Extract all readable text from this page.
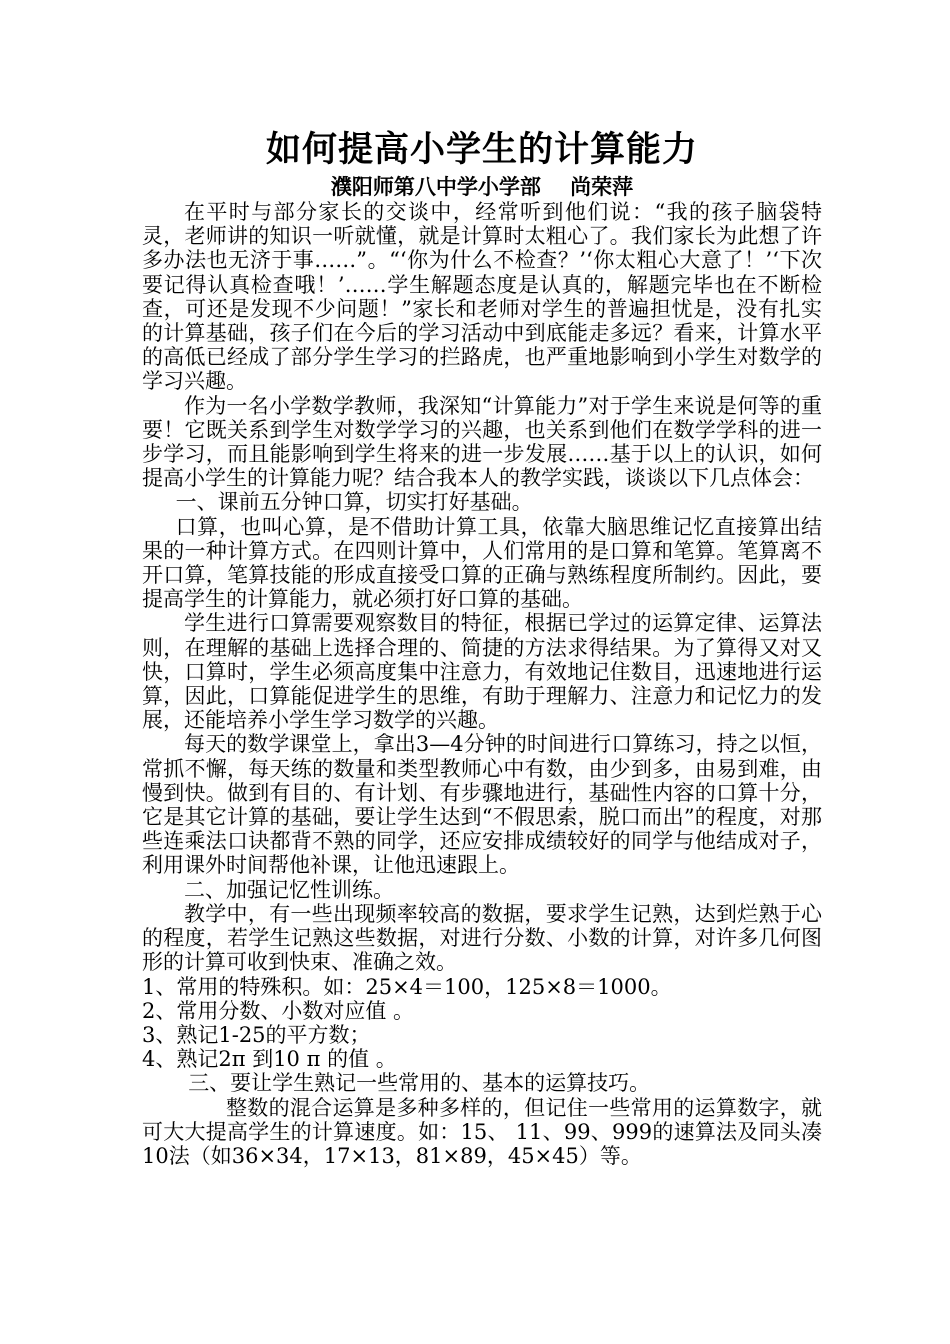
如何提高小学生的计算能力
濮阳师第八中学小学部    尚荣萍

在平时与部分家长的交谈中，经常听到他们说：“我的孩子脑袋特灵，老师讲的知识一听就懂，就是计算时太粗心了。我们家长为此想了许多办法也无济于事……”。“‘你为什么不检查？’‘你太粗心大意了！’‘下次要记得认真检查哦！’……学生解题态度是认真的，解题完毕也在不断检查，可还是发现不少问题！”家长和老师对学生的普遍担忧是，没有扎实的计算基础，孩子们在今后的学习活动中到底能走多远？看来，计算水平的高低已经成了部分学生学习的拦路虎，也严重地影响到小学生对数学的学习兴趣。

作为一名小学数学教师，我深知“计算能力”对于学生来说是何等的重要！它既关系到学生对数学学习的兴趣，也关系到他们在数学学科的进一步学习，而且能影响到学生将来的进一步发展……基于以上的认识，如何提高小学生的计算能力呢？结合我本人的教学实践，谈谈以下几点体会：

一、课前五分钟口算，切实打好基础。

口算，也叫心算，是不借助计算工具，依靠大脑思维记忆直接算出结果的一种计算方式。在四则计算中，人们常用的是口算和笔算。笔算离不开口算，笔算技能的形成直接受口算的正确与熟练程度所制约。因此，要提高学生的计算能力，就必须打好口算的基础。

学生进行口算需要观察数目的特征，根据已学过的运算定律、运算法则，在理解的基础上选择合理的、简捷的方法求得结果。为了算得又对又快，口算时，学生必须高度集中注意力，有效地记住数目，迅速地进行运算，因此，口算能促进学生的思维，有助于理解力、注意力和记忆力的发展，还能培养小学生学习数学的兴趣。

每天的数学课堂上，拿出3—4分钟的时间进行口算练习，持之以恒，常抓不懈，每天练的数量和类型教师心中有数，由少到多，由易到难，由慢到快。做到有目的、有计划、有步骤地进行，基础性内容的口算十分，它是其它计算的基础，要让学生达到“不假思索，脱口而出”的程度，对那些连乘法口诀都背不熟的同学，还应安排成绩较好的同学与他结成对子，利用课外时间帮他补课，让他迅速跟上。

二、加强记忆性训练。

教学中，有一些出现频率较高的数据，要求学生记熟，达到烂熟于心的程度，若学生记熟这些数据，对进行分数、小数的计算，对许多几何图形的计算可收到快束、准确之效。

1、常用的特殊积。如：25×4＝100，125×8＝1000。

2、常用分数、小数对应值 。

3、熟记1-25的平方数；

4、熟记2π 到10 π 的值 。

三、要让学生熟记一些常用的、基本的运算技巧。

整数的混合运算是多种多样的，但记住一些常用的运算数字，就可大大提高学生的计算速度。如：15、 11、99、999的速算法及同头凑10法（如36×34，17×13，81×89，45×45）等。
